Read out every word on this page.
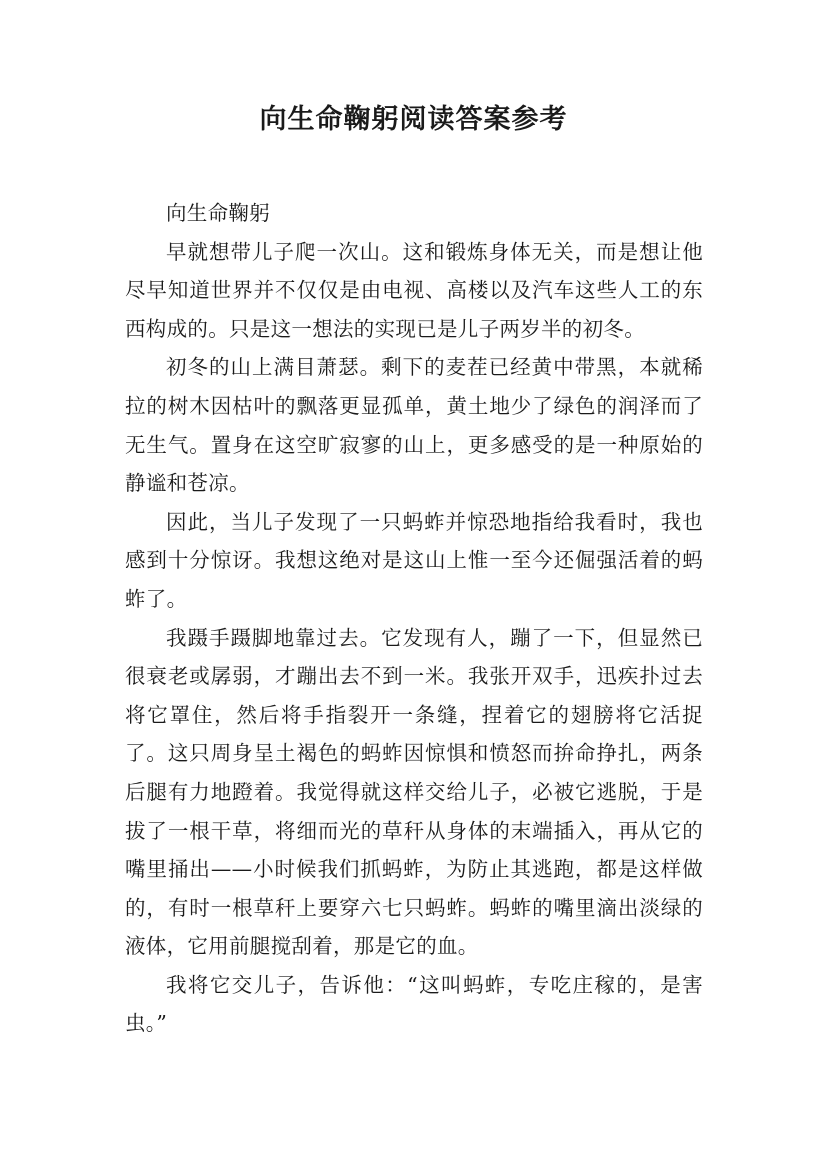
向生命鞠躬阅读答案参考

向生命鞠躬

早就想带儿子爬一次山。这和锻炼身体无关，而是想让他尽早知道世界并不仅仅是由电视、高楼以及汽车这些人工的东西构成的。只是这一想法的实现已是儿子两岁半的初冬。

初冬的山上满目萧瑟。剩下的麦茬已经黄中带黑，本就稀拉的树木因枯叶的飘落更显孤单，黄土地少了绿色的润泽而了无生气。置身在这空旷寂寥的山上，更多感受的是一种原始的静谧和苍凉。

因此，当儿子发现了一只蚂蚱并惊恐地指给我看时，我也感到十分惊讶。我想这绝对是这山上惟一至今还倔强活着的蚂蚱了。

我蹑手蹑脚地靠过去。它发现有人，蹦了一下，但显然已很衰老或孱弱，才蹦出去不到一米。我张开双手，迅疾扑过去将它罩住，然后将手指裂开一条缝，捏着它的翅膀将它活捉了。这只周身呈土褐色的蚂蚱因惊惧和愤怒而拚命挣扎，两条后腿有力地蹬着。我觉得就这样交给儿子，必被它逃脱，于是拔了一根干草，将细而光的草秆从身体的末端插入，再从它的嘴里捅出——小时候我们抓蚂蚱，为防止其逃跑，都是这样做的，有时一根草秆上要穿六七只蚂蚱。蚂蚱的嘴里滴出淡绿的液体，它用前腿搅刮着，那是它的血。

我将它交儿子，告诉他：“这叫蚂蚱，专吃庄稼的，是害虫。”
